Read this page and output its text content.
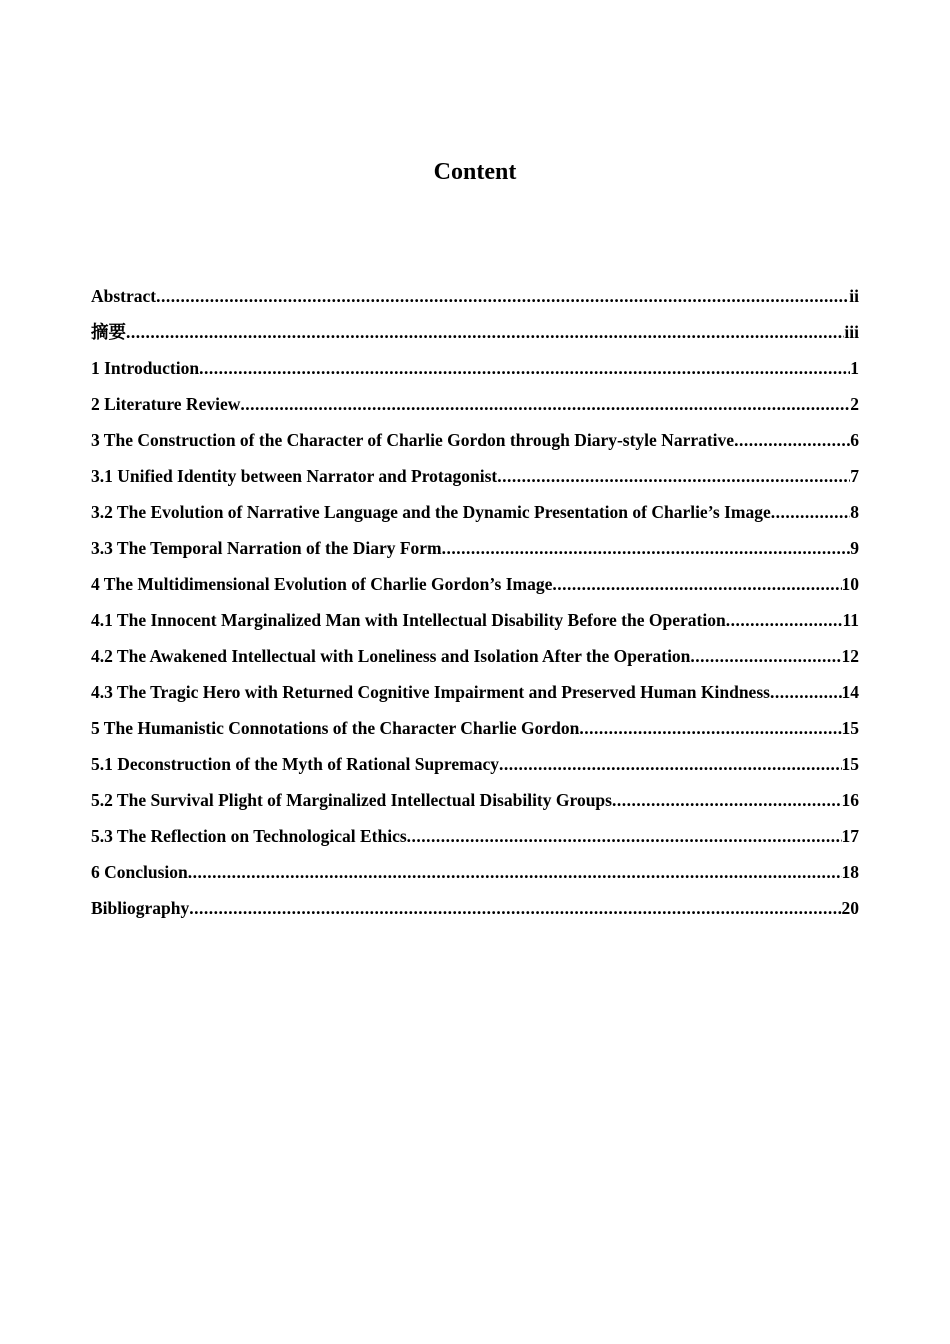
Content
Abstract .....	ii
摘要 .....	iii
1 Introduction .....	1
2 Literature Review .....	2
3 The Construction of the Character of Charlie Gordon through Diary-style Narrative .....	6
3.1 Unified Identity between Narrator and Protagonist .....	7
3.2 The Evolution of Narrative Language and the Dynamic Presentation of Charlie’s Image .....	8
3.3 The Temporal Narration of the Diary Form .....	9
4 The Multidimensional Evolution of Charlie Gordon’s Image .....	10
4.1 The Innocent Marginalized Man with Intellectual Disability Before the Operation .....	11
4.2 The Awakened Intellectual with Loneliness and Isolation After the Operation .....	12
4.3 The Tragic Hero with Returned Cognitive Impairment and Preserved Human Kindness .....	14
5 The Humanistic Connotations of the Character Charlie Gordon .....	15
5.1 Deconstruction of the Myth of Rational Supremacy .....	15
5.2 The Survival Plight of Marginalized Intellectual Disability Groups .....	16
5.3 The Reflection on Technological Ethics .....	17
6 Conclusion .....	18
Bibliography .....	20
